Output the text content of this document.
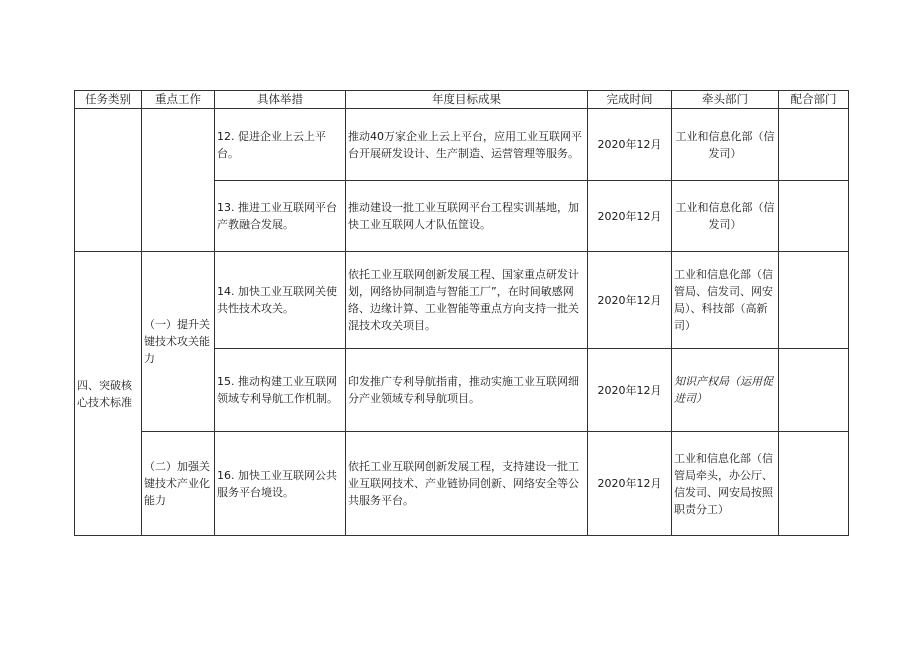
任务类别	重点工作	具体举措	年度目标成果	完成时间	牵头部门	配合部门
		12. 促进企业上云上平台。	推动40万家企业上云上平台，应用工业互联网平台开展研发设计、生产制造、运营管理等服务。	2020年12月	工业和信息化部（信发司）	
		13. 推进工业互联网平台产教融合发展。	推动建设一批工业互联网平台工程实训基地，加快工业互联网人才队伍筐设。	2020年12月	工业和信息化部（信发司）	
四、突破核心技术标准	（一）提升关键技术攻关能力	14. 加快工业互联网关使共性技术攻关。	依托工业互联网创新发展工程、国家重点研发计划，网络协同制造与智能工厂”，在时间敏感网络、边缘计算、工业智能等重点方向支持一批关混技术攻关项目。	2020年12月	工业和信息化部（信管局、信发司、网安局）、科技部（高新司）	
		15. 推动构建工业互联网领域专利导航工作机制。	印发推广专利导航指甫，推动实施工业互联网细分产业领域专利导航项目。	2020年12月	知识产权局（运用促进司）	
	（二）加强关键技术产业化能力	16. 加快工业互联网公共服务平台境设。	依托工业互联网创新发展工程，支持建设一批工业互联网技术、产业链协同创新、网络安全等公共服务平台。	2020年12月	工业和信息化部（信管局牵头，办公厅、信发司、网安局按照职责分工）	
